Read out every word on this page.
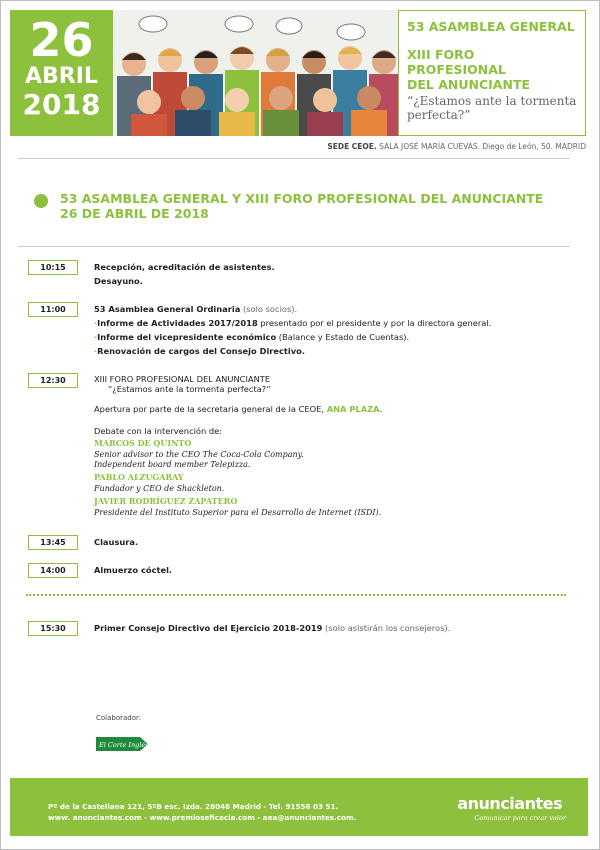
26
ABRIL
2018
53 ASAMBLEA GENERAL
XIII FORO PROFESIONAL
DEL ANUNCIANTE
“¿Estamos ante la tormenta
perfecta?”
SEDE CEOE. SALA JOSÉ MARÍA CUEVAS. Diego de León, 50. MADRID
53 ASAMBLEA GENERAL Y XIII FORO PROFESIONAL DEL ANUNCIANTE
26 DE ABRIL DE 2018
10:15	Recepción, acreditación de asistentes.
Desayuno.
11:00	53 Asamblea General Ordinaria (solo socios).
·Informe de Actividades 2017/2018 presentado por el presidente y por la directora general.
·Informe del vicepresidente económico (Balance y Estado de Cuentas).
·Renovación de cargos del Consejo Directivo.
12:30	XIII FORO PROFESIONAL DEL ANUNCIANTE
“¿Estamos ante la tormenta perfecta?”
Apertura por parte de la secretaria general de la CEOE, ANA PLAZA.
Debate con la intervención de:
MARCOS DE QUINTO
Senior advisor to the CEO The Coca-Cola Company.
Independent board member Telepizza.
PABLO ALZUGARAY
Fundador y CEO de Shackleton.
JAVIER RODRÍGUEZ ZAPATERO
Presidente del Instituto Superior para el Desarrollo de Internet (ISDI).
13:45	Clausura.
14:00	Almuerzo cóctel.
15:30	Primer Consejo Directivo del Ejercicio 2018-2019 (solo asistirán los consejeros).
Colaborador:
El Corte Inglés
Pº de la Castellana 121, 5ºB esc. Izda. 28046 Madrid - Tel. 91556 03 51.
www. anunciantes.com - www.premioseficacia.com - aea@anunciantes.com.
anunciantes
Comunicar para crear valor
